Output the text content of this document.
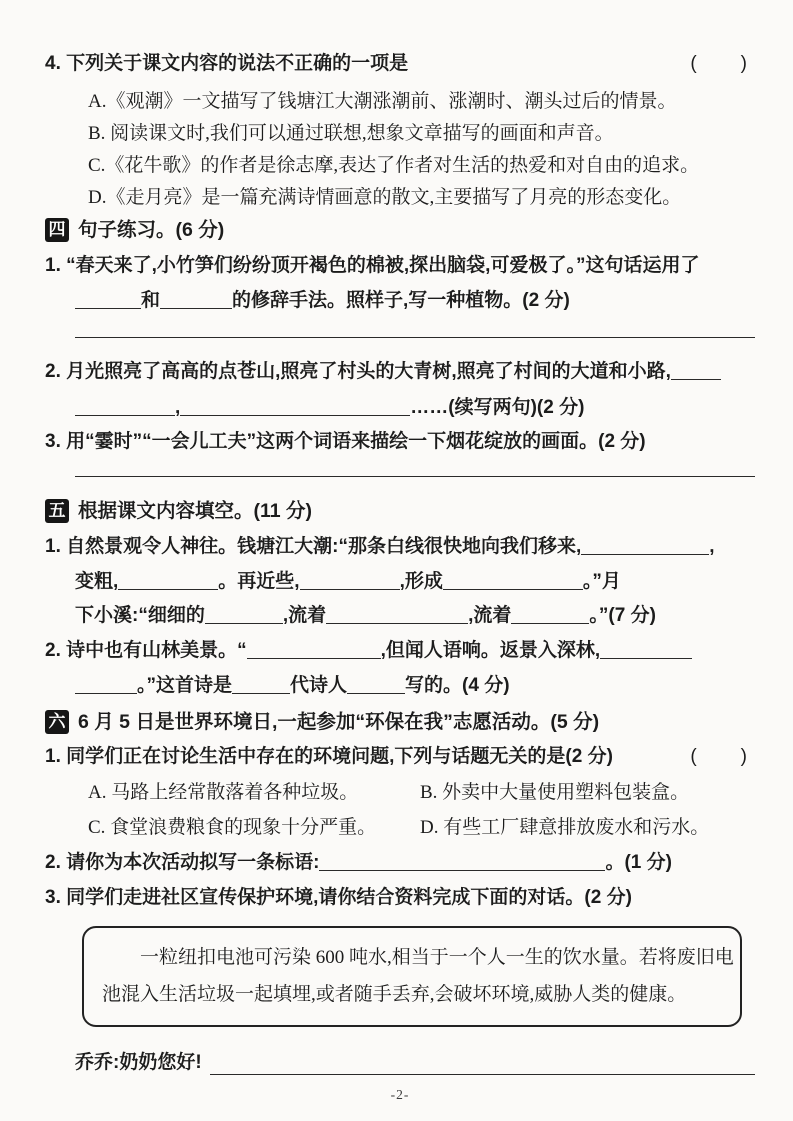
4. 下列关于课文内容的说法不正确的一项是	(　　)
A.《观潮》一文描写了钱塘江大潮涨潮前、涨潮时、潮头过后的情景。
B. 阅读课文时,我们可以通过联想,想象文章描写的画面和声音。
C.《花牛歌》的作者是徐志摩,表达了作者对生活的热爱和对自由的追求。
D.《走月亮》是一篇充满诗情画意的散文,主要描写了月亮的形态变化。
四 句子练习。(6 分)
1. “春天来了,小竹笋们纷纷顶开褐色的棉被,探出脑袋,可爱极了。”这句话运用了
和	的修辞手法。照样子,写一种植物。(2 分)
2. 月光照亮了高高的点苍山,照亮了村头的大青树,照亮了村间的大道和小路,
,	……(续写两句)(2 分)
3. 用“霎时”“一会儿工夫”这两个词语来描绘一下烟花绽放的画面。(2 分)
五 根据课文内容填空。(11 分)
1. 自然景观令人神往。钱塘江大潮:“那条白线很快地向我们移来,	,
变粗,	。再近些,	,形成	。”月
下小溪:“细细的	,流着	,流着	。”(7 分)
2. 诗中也有山林美景。“	,但闻人语响。返景入深林,
。”这首诗是	代诗人	写的。(4 分)
六 6 月 5 日是世界环境日,一起参加“环保在我”志愿活动。(5 分)
1. 同学们正在讨论生活中存在的环境问题,下列与话题无关的是(2 分)	(　　)
A. 马路上经常散落着各种垃圾。	B. 外卖中大量使用塑料包装盒。
C. 食堂浪费粮食的现象十分严重。	D. 有些工厂肆意排放废水和污水。
2. 请你为本次活动拟写一条标语:	。(1 分)
3. 同学们走进社区宣传保护环境,请你结合资料完成下面的对话。(2 分)
一粒纽扣电池可污染 600 吨水,相当于一个人一生的饮水量。若将废旧电
池混入生活垃圾一起填埋,或者随手丢弃,会破坏环境,威胁人类的健康。
乔乔:奶奶您好!
-2-
